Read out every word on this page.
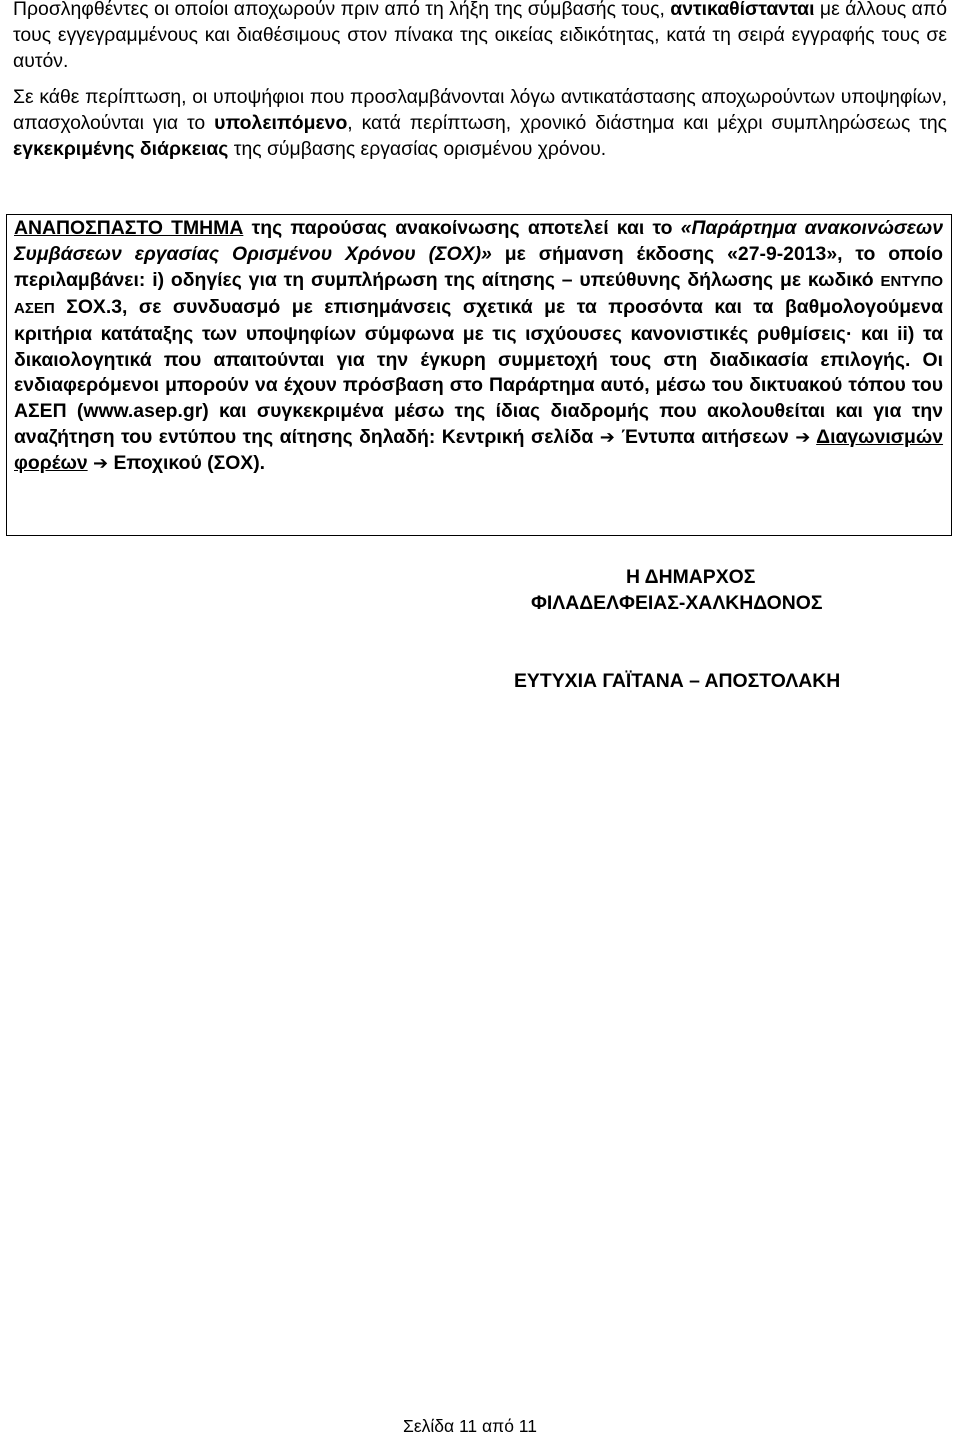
Προσληφθέντες οι οποίοι αποχωρούν πριν από τη λήξη της σύμβασής τους, αντικαθίστανται με άλλους από τους εγγεγραμμένους και διαθέσιμους στον πίνακα της οικείας ειδικότητας, κατά τη σειρά εγγραφής τους σε αυτόν.

Σε κάθε περίπτωση, οι υποψήφιοι που προσλαμβάνονται λόγω αντικατάστασης αποχωρούντων υποψηφίων, απασχολούνται για το υπολειπόμενο, κατά περίπτωση, χρονικό διάστημα και μέχρι συμπληρώσεως της εγκεκριμένης διάρκειας της σύμβασης εργασίας ορισμένου χρόνου.

ΑΝΑΠΟΣΠΑΣΤΟ ΤΜΗΜΑ της παρούσας ανακοίνωσης αποτελεί και το «Παράρτημα ανακοινώσεων Συμβάσεων εργασίας Ορισμένου Χρόνου (ΣΟΧ)» με σήμανση έκδοσης «27-9-2013», το οποίο περιλαμβάνει: i) οδηγίες για τη συμπλήρωση της αίτησης – υπεύθυνης δήλωσης με κωδικό ΕΝΤΥΠΟ ΑΣΕΠ ΣΟΧ.3, σε συνδυασμό με επισημάνσεις σχετικά με τα προσόντα και τα βαθμολογούμενα κριτήρια κατάταξης των υποψηφίων σύμφωνα με τις ισχύουσες κανονιστικές ρυθμίσεις· και ii) τα δικαιολογητικά που απαιτούνται για την έγκυρη συμμετοχή τους στη διαδικασία επιλογής. Οι ενδιαφερόμενοι μπορούν να έχουν πρόσβαση στο Παράρτημα αυτό, μέσω του δικτυακού τόπου του ΑΣΕΠ (www.asep.gr) και συγκεκριμένα μέσω της ίδιας διαδρομής που ακολουθείται και για την αναζήτηση του εντύπου της αίτησης δηλαδή: Κεντρική σελίδα ➔ Έντυπα αιτήσεων ➔ Διαγωνισμών φορέων ➔ Εποχικού (ΣΟΧ).

Η ΔΗΜΑΡΧΟΣ
ΦΙΛΑΔΕΛΦΕΙΑΣ-ΧΑΛΚΗΔΟΝΟΣ
ΕΥΤΥΧΙΑ ΓΑΪΤΑΝΑ – ΑΠΟΣΤΟΛΑΚΗ
Σελίδα 11 από 11
